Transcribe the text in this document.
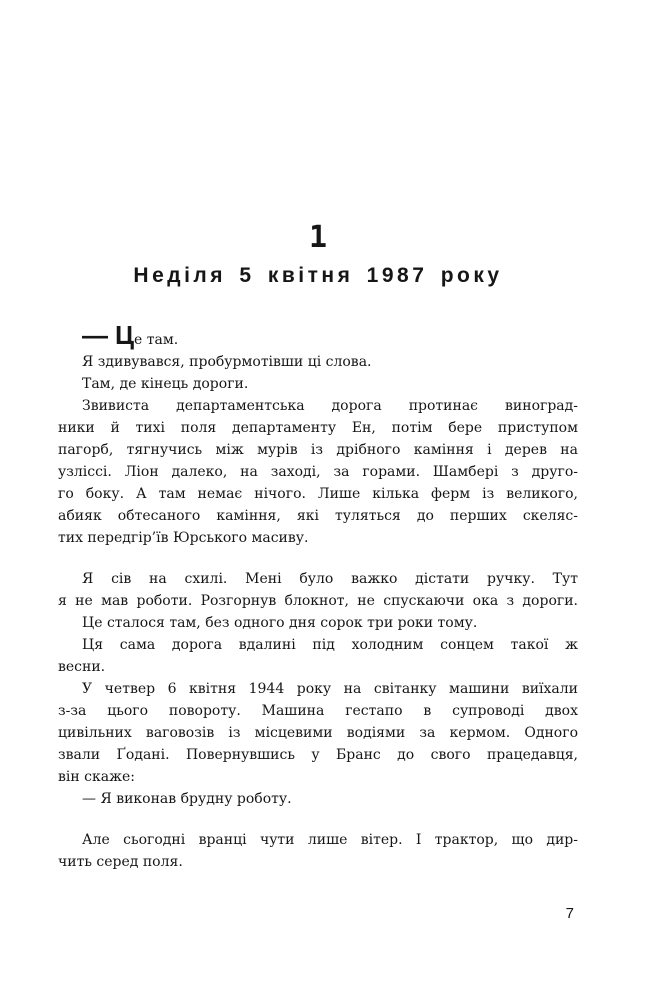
1
Неділя 5 квітня 1987 року
— Це там.
Я здивувався, пробурмотівши ці слова.
Там, де кінець дороги.
Звивиста департаментська дорога протинає виноград-
ники й тихі поля департаменту Ен, потім бере приступом
пагорб, тягнучись між мурів із дрібного каміння і дерев на
узліссі. Ліон далеко, на заході, за горами. Шамбері з друго-
го боку. А там немає нічого. Лише кілька ферм із великого,
абияк обтесаного каміння, які туляться до перших скеляс-
тих передгір’їв Юрського масиву.
Я сів на схилі. Мені було важко дістати ручку. Тут
я не мав роботи. Розгорнув блокнот, не спускаючи ока з дороги.
Це сталося там, без одного дня сорок три роки тому.
Ця сама дорога вдалині під холодним сонцем такої ж
весни.
У четвер 6 квітня 1944 року на світанку машини виїхали
з-за цього повороту. Машина гестапо в супроводі двох
цивільних ваговозів із місцевими водіями за кермом. Одного
звали Ґодані. Повернувшись у Бранс до свого працедавця,
він скаже:
— Я виконав брудну роботу.
Але сьогодні вранці чути лише вітер. І трактор, що дир-
чить серед поля.
7
